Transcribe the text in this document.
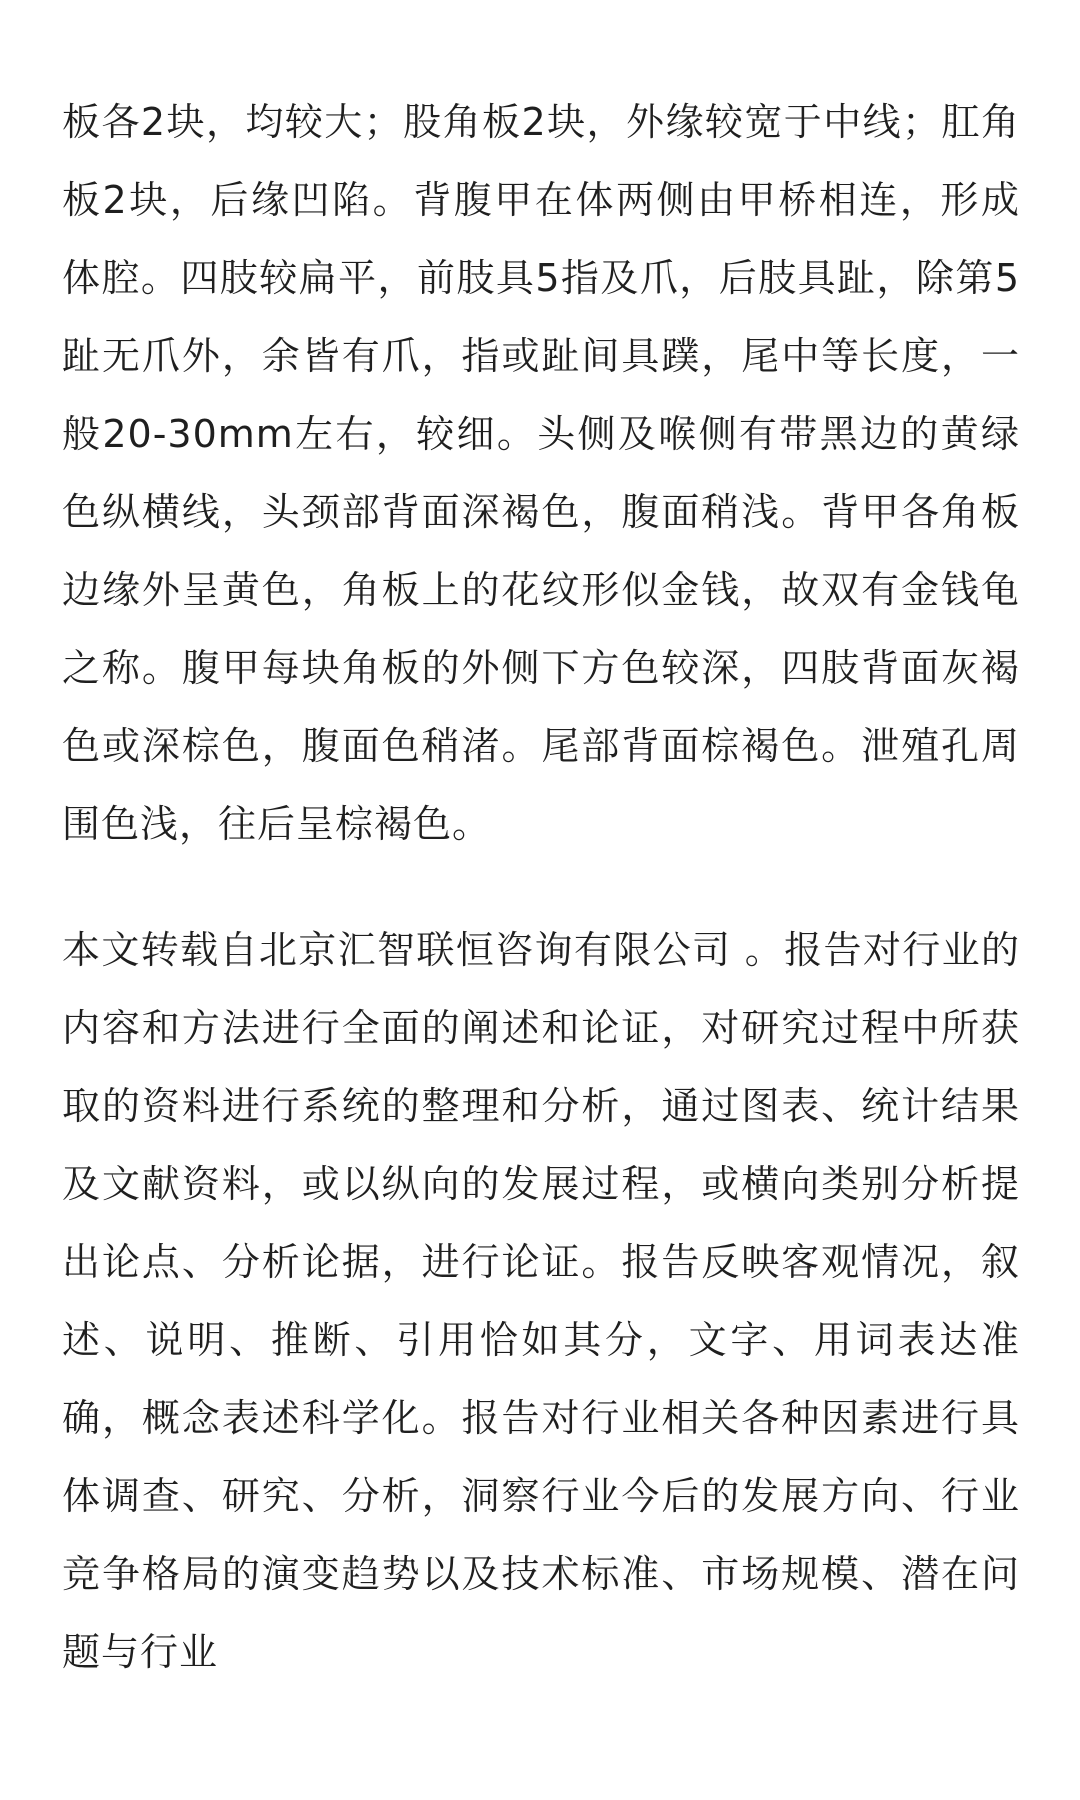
板各2块，均较大；股角板2块，外缘较宽于中线；肛角板2块，后缘凹陷。背腹甲在体两侧由甲桥相连，形成体腔。四肢较扁平，前肢具5指及爪，后肢具趾，除第5趾无爪外，余皆有爪，指或趾间具蹼，尾中等长度，一般20-30mm左右，较细。头侧及喉侧有带黑边的黄绿色纵横线，头颈部背面深褐色，腹面稍浅。背甲各角板边缘外呈黄色，角板上的花纹形似金钱，故双有金钱龟之称。腹甲每块角板的外侧下方色较深，四肢背面灰褐色或深棕色，腹面色稍渚。尾部背面棕褐色。泄殖孔周围色浅，往后呈棕褐色。

本文转载自北京汇智联恒咨询有限公司 。报告对行业的内容和方法进行全面的阐述和论证，对研究过程中所获取的资料进行系统的整理和分析，通过图表、统计结果及文献资料，或以纵向的发展过程，或横向类别分析提出论点、分析论据，进行论证。报告反映客观情况，叙述、说明、推断、引用恰如其分，文字、用词表达准确，概念表述科学化。报告对行业相关各种因素进行具体调查、研究、分析，洞察行业今后的发展方向、行业竞争格局的演变趋势以及技术标准、市场规模、潜在问题与行业
